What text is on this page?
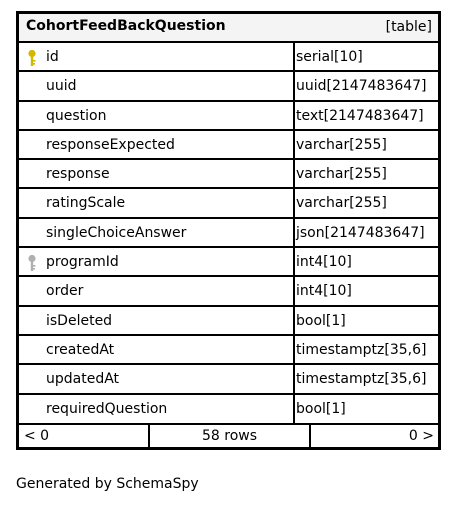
CohortFeedBackQuestion	[table]
id	serial[10]
uuid	uuid[2147483647]
question	text[2147483647]
responseExpected	varchar[255]
response	varchar[255]
ratingScale	varchar[255]
singleChoiceAnswer	json[2147483647]
programId	int4[10]
order	int4[10]
isDeleted	bool[1]
createdAt	timestamptz[35,6]
updatedAt	timestamptz[35,6]
requiredQuestion	bool[1]
< 0	58 rows	0 >
Generated by SchemaSpy
